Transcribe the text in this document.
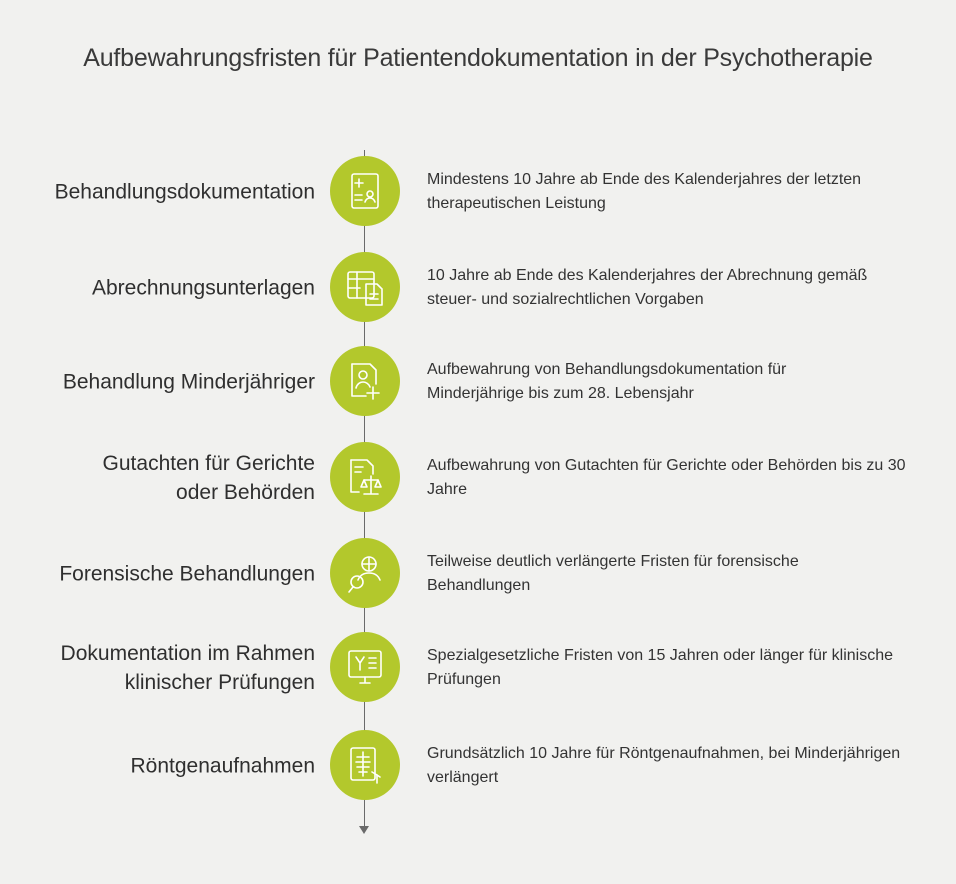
Aufbewahrungsfristen für Patientendokumentation in der Psychotherapie
Behandlungsdokumentation
Mindestens 10 Jahre ab Ende des Kalenderjahres der letzten therapeutischen Leistung
Abrechnungsunterlagen
10 Jahre ab Ende des Kalenderjahres der Abrechnung gemäß steuer- und sozialrechtlichen Vorgaben
Behandlung Minderjähriger
Aufbewahrung von Behandlungsdokumentation für Minderjährige bis zum 28. Lebensjahr
Gutachten für Gerichte oder Behörden
Aufbewahrung von Gutachten für Gerichte oder Behörden bis zu 30 Jahre
Forensische Behandlungen
Teilweise deutlich verlängerte Fristen für forensische Behandlungen
Dokumentation im Rahmen klinischer Prüfungen
Spezialgesetzliche Fristen von 15 Jahren oder länger für klinische Prüfungen
Röntgenaufnahmen
Grundsätzlich 10 Jahre für Röntgenaufnahmen, bei Minderjährigen verlängert
